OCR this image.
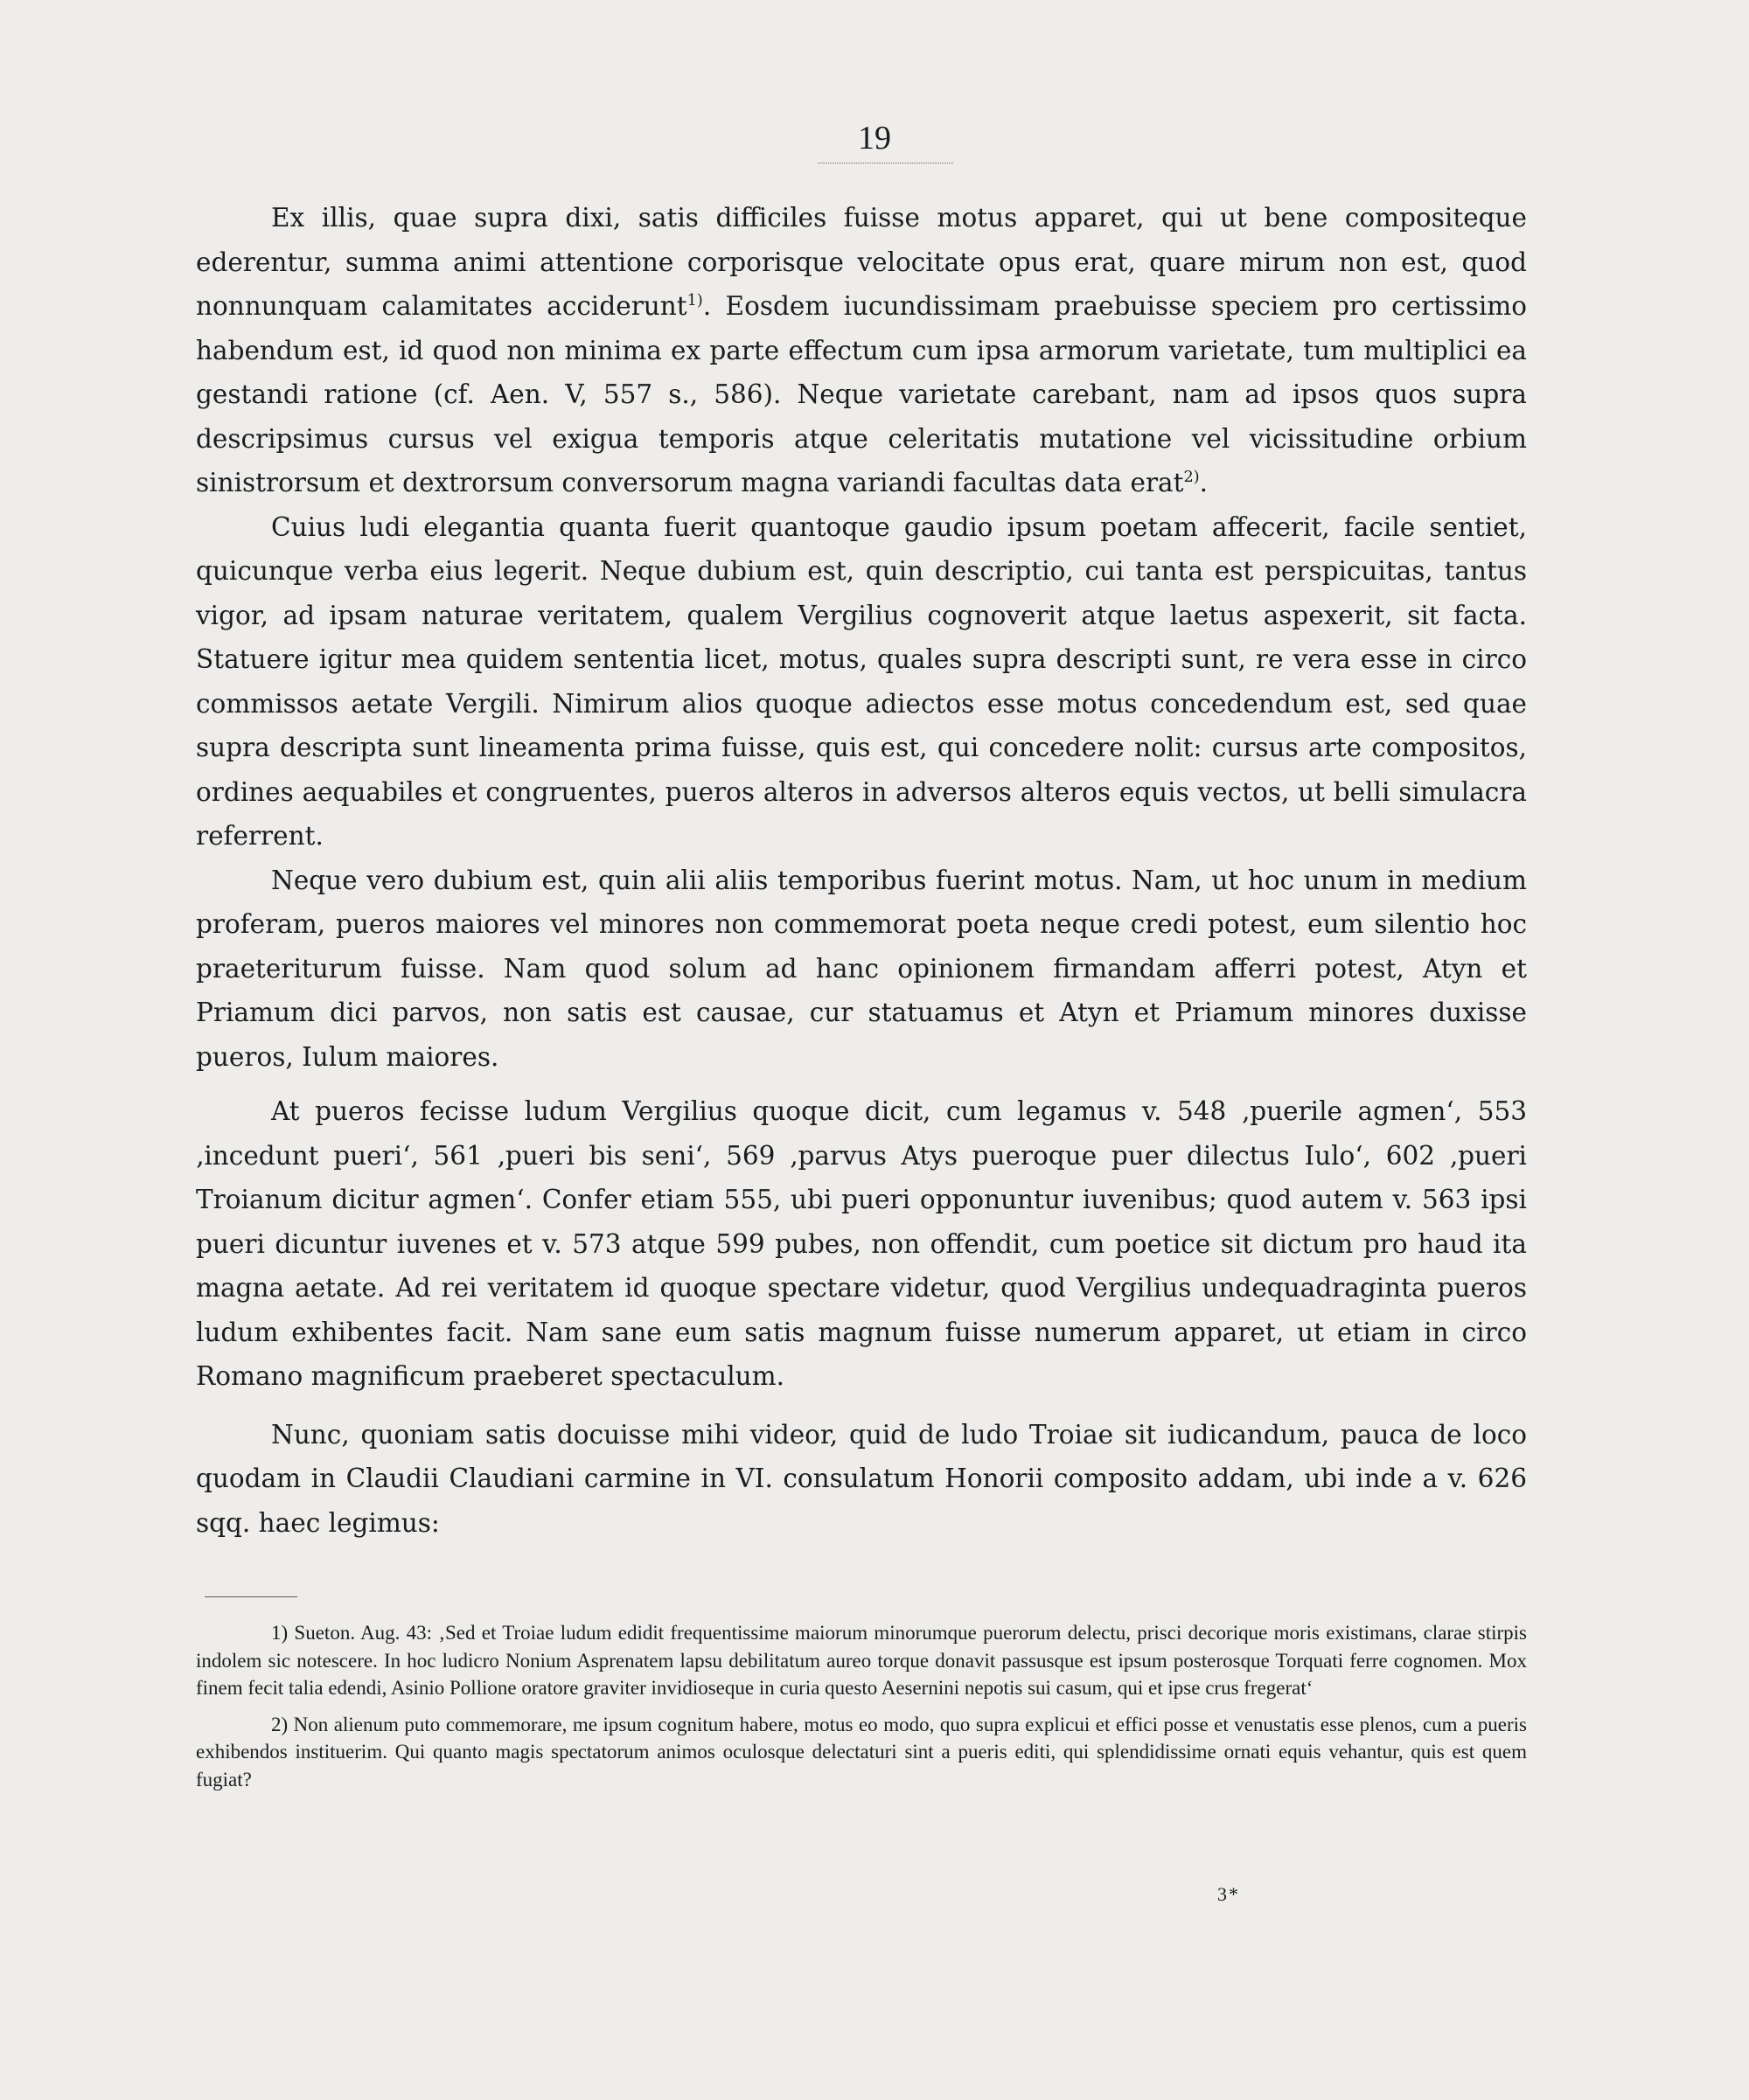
19

Ex illis, quae supra dixi, satis difficiles fuisse motus apparet, qui ut bene compositeque ederentur, summa animi attentione corporisque velocitate opus erat, quare mirum non est, quod nonnunquam calamitates acciderunt$^{1)}$. Eosdem iucundissimam praebuisse speciem pro certissimo habendum est, id quod non minima ex parte effectum cum ipsa armorum varietate, tum multiplici ea gestandi ratione (cf. Aen. V, 557 s., 586). Neque varietate carebant, nam ad ipsos quos supra descripsimus cursus vel exigua temporis atque celeritatis mutatione vel vicissitudine orbium sinistrorsum et dextrorsum conversorum magna variandi facultas data erat$^{2)}$.

Cuius ludi elegantia quanta fuerit quantoque gaudio ipsum poetam affecerit, facile sentiet, quicunque verba eius legerit. Neque dubium est, quin descriptio, cui tanta est perspicuitas, tantus vigor, ad ipsam naturae veritatem, qualem Vergilius cognoverit atque laetus aspexerit, sit facta. Statuere igitur mea quidem sententia licet, motus, quales supra descripti sunt, re vera esse in circo commissos aetate Vergili. Nimirum alios quoque adiectos esse motus concedendum est, sed quae supra descripta sunt lineamenta prima fuisse, quis est, qui concedere nolit: cursus arte compositos, ordines aequabiles et congruentes, pueros alteros in adversos alteros equis vectos, ut belli simulacra referrent.

Neque vero dubium est, quin alii aliis temporibus fuerint motus. Nam, ut hoc unum in medium proferam, pueros maiores vel minores non commemorat poeta neque credi potest, eum silentio hoc praeteriturum fuisse. Nam quod solum ad hanc opinionem firmandam afferri potest, Atyn et Priamum dici parvos, non satis est causae, cur statuamus et Atyn et Priamum minores duxisse pueros, Iulum maiores.

At pueros fecisse ludum Vergilius quoque dicit, cum legamus v. 548 ‚puerile agmen‘, 553 ‚incedunt pueri‘, 561 ‚pueri bis seni‘, 569 ‚parvus Atys pueroque puer dilectus Iulo‘, 602 ‚pueri Troianum dicitur agmen‘. Confer etiam 555, ubi pueri opponuntur iuvenibus; quod autem v. 563 ipsi pueri dicuntur iuvenes et v. 573 atque 599 pubes, non offendit, cum poetice sit dictum pro haud ita magna aetate. Ad rei veritatem id quoque spectare videtur, quod Vergilius undequadraginta pueros ludum exhibentes facit. Nam sane eum satis magnum fuisse numerum apparet, ut etiam in circo Romano magnificum praeberet spectaculum.

Nunc, quoniam satis docuisse mihi videor, quid de ludo Troiae sit iudicandum, pauca de loco quodam in Claudii Claudiani carmine in VI. consulatum Honorii composito addam, ubi inde a v. 626 sqq. haec legimus:

1) Sueton. Aug. 43: ‚Sed et Troiae ludum edidit frequentissime maiorum minorumque puerorum delectu, prisci decorique moris existimans, clarae stirpis indolem sic notescere. In hoc ludicro Nonium Asprenatem lapsu debilitatum aureo torque donavit passusque est ipsum posterosque Torquati ferre cognomen. Mox finem fecit talia edendi, Asinio Pollione oratore graviter invidioseque in curia questo Aesernini nepotis sui casum, qui et ipse crus fregerat‘

2) Non alienum puto commemorare, me ipsum cognitum habere, motus eo modo, quo supra explicui et effici posse et venustatis esse plenos, cum a pueris exhibendos instituerim. Qui quanto magis spectatorum animos oculosque delectaturi sint a pueris editi, qui splendidissime ornati equis vehantur, quis est quem fugiat?

3*
